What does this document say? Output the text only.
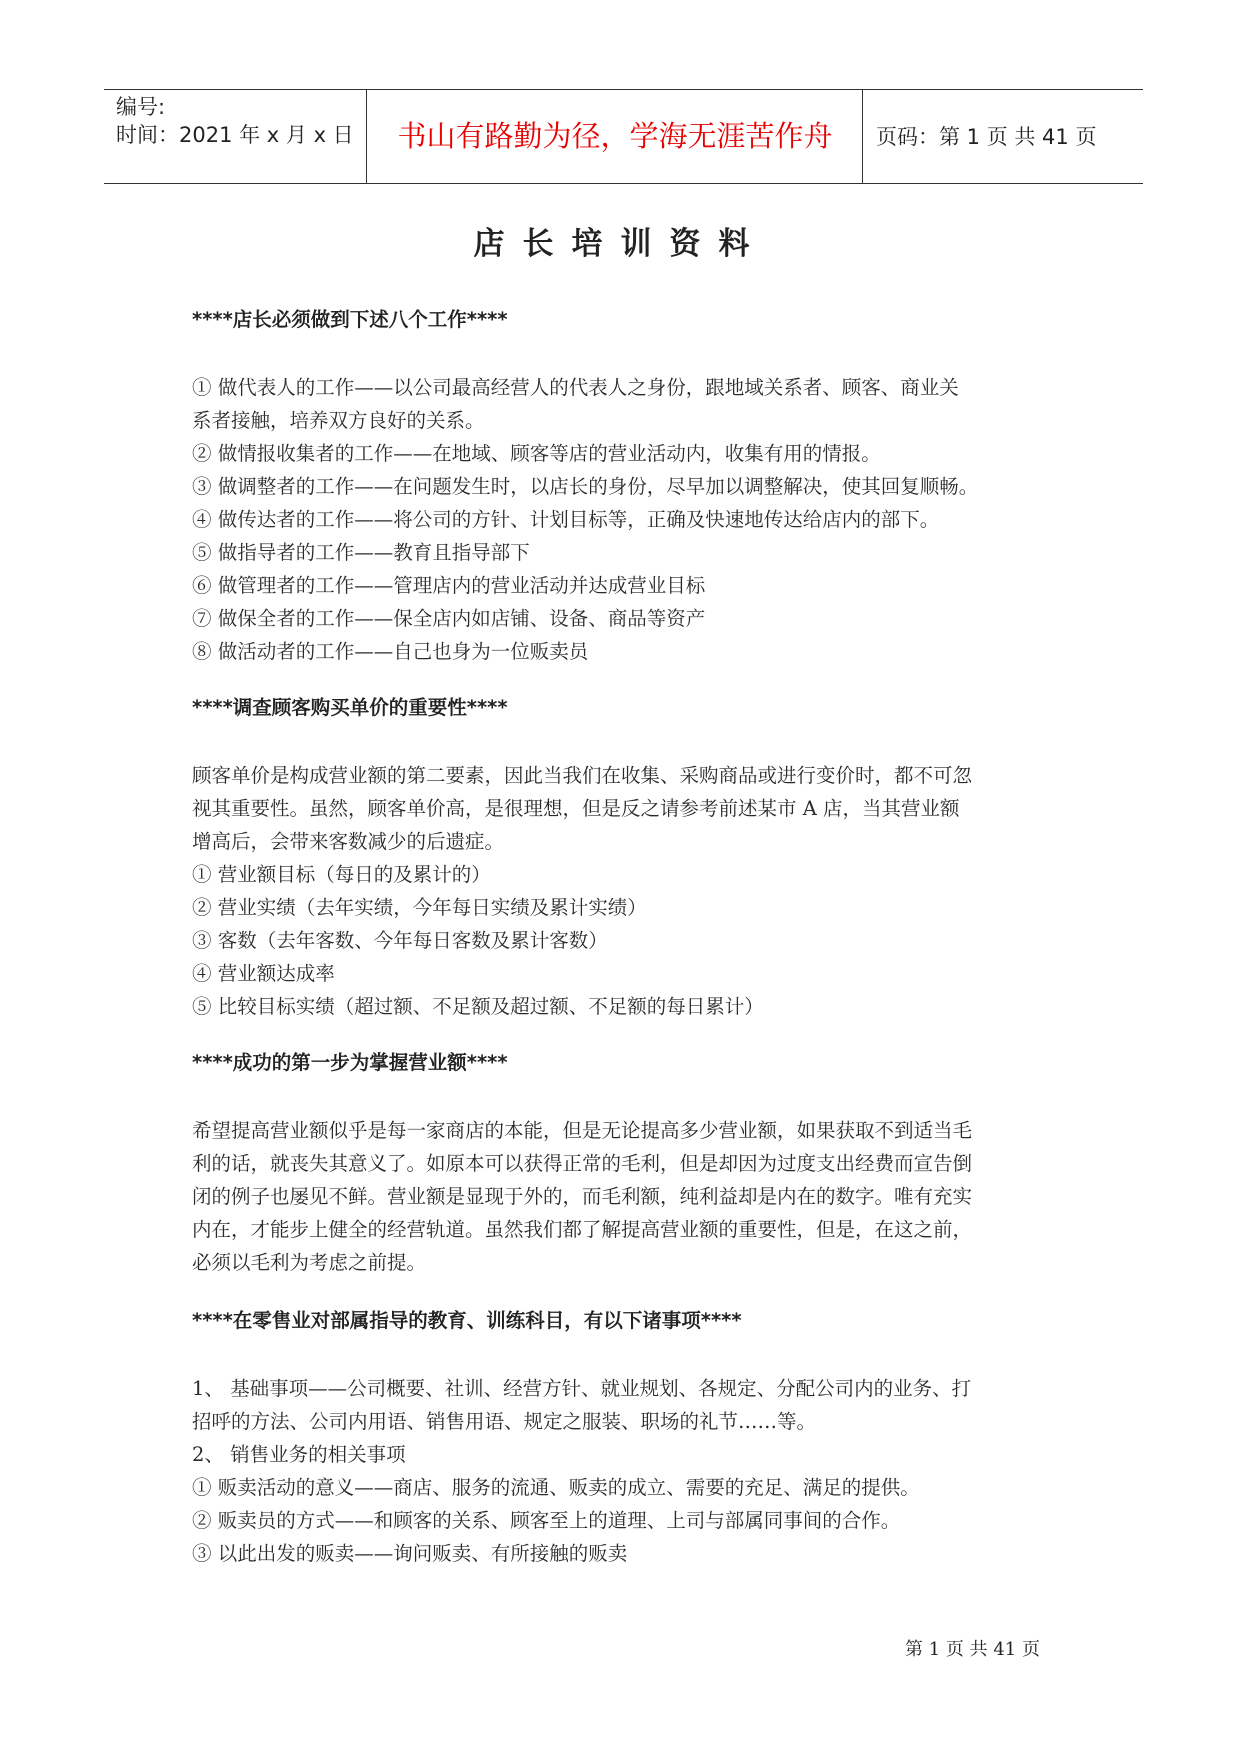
编号:
时间：2021 年 x 月 x 日	书山有路勤为径，学海无涯苦作舟	页码：第 1 页 共 41 页
店长培训资料
****店长必须做到下述八个工作****
① 做代表人的工作——以公司最高经营人的代表人之身份，跟地域关系者、顾客、商业关
系者接触，培养双方良好的关系。
② 做情报收集者的工作——在地域、顾客等店的营业活动内，收集有用的情报。
③ 做调整者的工作——在问题发生时，以店长的身份，尽早加以调整解决，使其回复顺畅。
④ 做传达者的工作——将公司的方针、计划目标等，正确及快速地传达给店内的部下。
⑤ 做指导者的工作——教育且指导部下
⑥ 做管理者的工作——管理店内的营业活动并达成营业目标
⑦ 做保全者的工作——保全店内如店铺、设备、商品等资产
⑧ 做活动者的工作——自己也身为一位贩卖员
****调查顾客购买单价的重要性****
顾客单价是构成营业额的第二要素，因此当我们在收集、采购商品或进行变价时，都不可忽
视其重要性。虽然，顾客单价高，是很理想，但是反之请参考前述某市 A 店，当其营业额
增高后，会带来客数减少的后遗症。
① 营业额目标（每日的及累计的）
② 营业实绩（去年实绩，今年每日实绩及累计实绩）
③ 客数（去年客数、今年每日客数及累计客数）
④ 营业额达成率
⑤ 比较目标实绩（超过额、不足额及超过额、不足额的每日累计）
****成功的第一步为掌握营业额****
希望提高营业额似乎是每一家商店的本能，但是无论提高多少营业额，如果获取不到适当毛
利的话，就丧失其意义了。如原本可以获得正常的毛利，但是却因为过度支出经费而宣告倒
闭的例子也屡见不鲜。营业额是显现于外的，而毛利额，纯利益却是内在的数字。唯有充实
内在，才能步上健全的经营轨道。虽然我们都了解提高营业额的重要性，但是，在这之前，
必须以毛利为考虑之前提。
****在零售业对部属指导的教育、训练科目，有以下诸事项****
1、 基础事项——公司概要、社训、经营方针、就业规划、各规定、分配公司内的业务、打
招呼的方法、公司内用语、销售用语、规定之服装、职场的礼节……等。
2、 销售业务的相关事项
① 贩卖活动的意义——商店、服务的流通、贩卖的成立、需要的充足、满足的提供。
② 贩卖员的方式——和顾客的关系、顾客至上的道理、上司与部属同事间的合作。
③ 以此出发的贩卖——询问贩卖、有所接触的贩卖
第 1 页 共 41 页
